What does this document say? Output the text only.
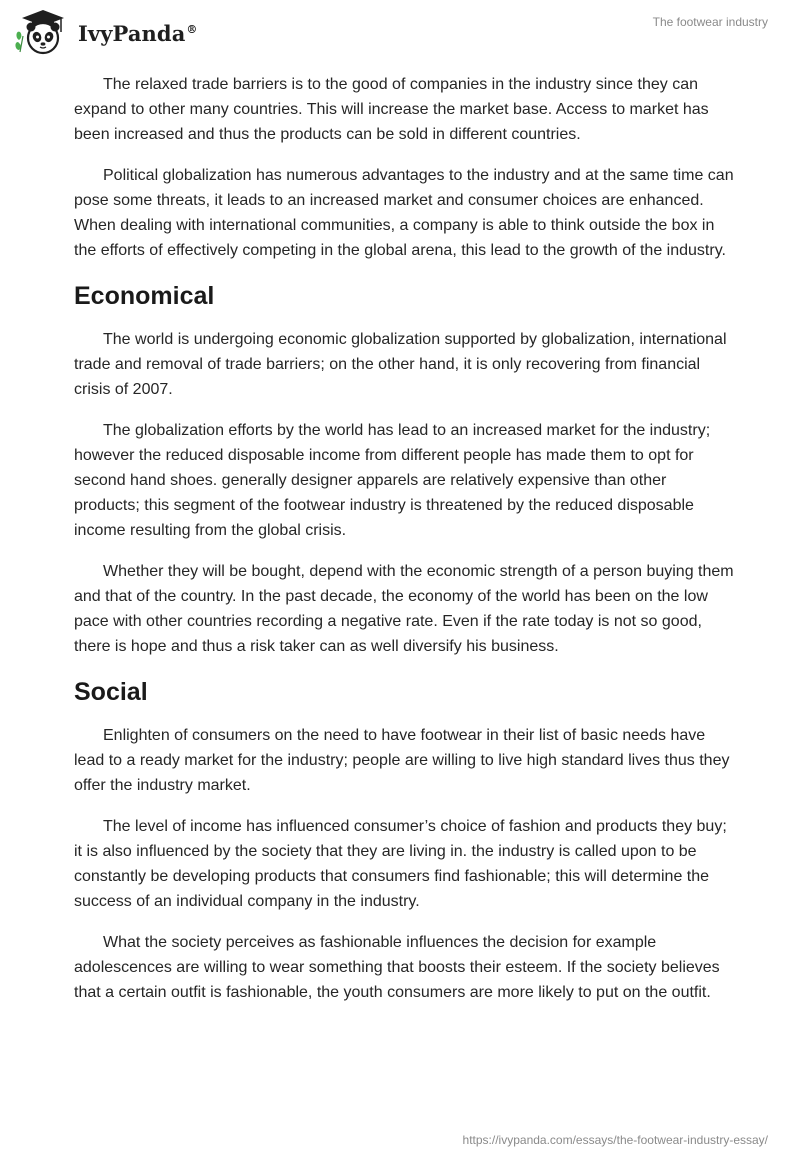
IvyPanda®	The footwear industry

The relaxed trade barriers is to the good of companies in the industry since they can expand to other many countries. This will increase the market base. Access to market has been increased and thus the products can be sold in different countries.

Political globalization has numerous advantages to the industry and at the same time can pose some threats, it leads to an increased market and consumer choices are enhanced. When dealing with international communities, a company is able to think outside the box in the efforts of effectively competing in the global arena, this lead to the growth of the industry.

Economical

The world is undergoing economic globalization supported by globalization, international trade and removal of trade barriers; on the other hand, it is only recovering from financial crisis of 2007.

The globalization efforts by the world has lead to an increased market for the industry; however the reduced disposable income from different people has made them to opt for second hand shoes. generally designer apparels are relatively expensive than other products; this segment of the footwear industry is threatened by the reduced disposable income resulting from the global crisis.

Whether they will be bought, depend with the economic strength of a person buying them and that of the country. In the past decade, the economy of the world has been on the low pace with other countries recording a negative rate. Even if the rate today is not so good, there is hope and thus a risk taker can as well diversify his business.

Social

Enlighten of consumers on the need to have footwear in their list of basic needs have lead to a ready market for the industry; people are willing to live high standard lives thus they offer the industry market.

The level of income has influenced consumer’s choice of fashion and products they buy; it is also influenced by the society that they are living in. the industry is called upon to be constantly be developing products that consumers find fashionable; this will determine the success of an individual company in the industry.

What the society perceives as fashionable influences the decision for example adolescences are willing to wear something that boosts their esteem. If the society believes that a certain outfit is fashionable, the youth consumers are more likely to put on the outfit.

https://ivypanda.com/essays/the-footwear-industry-essay/
